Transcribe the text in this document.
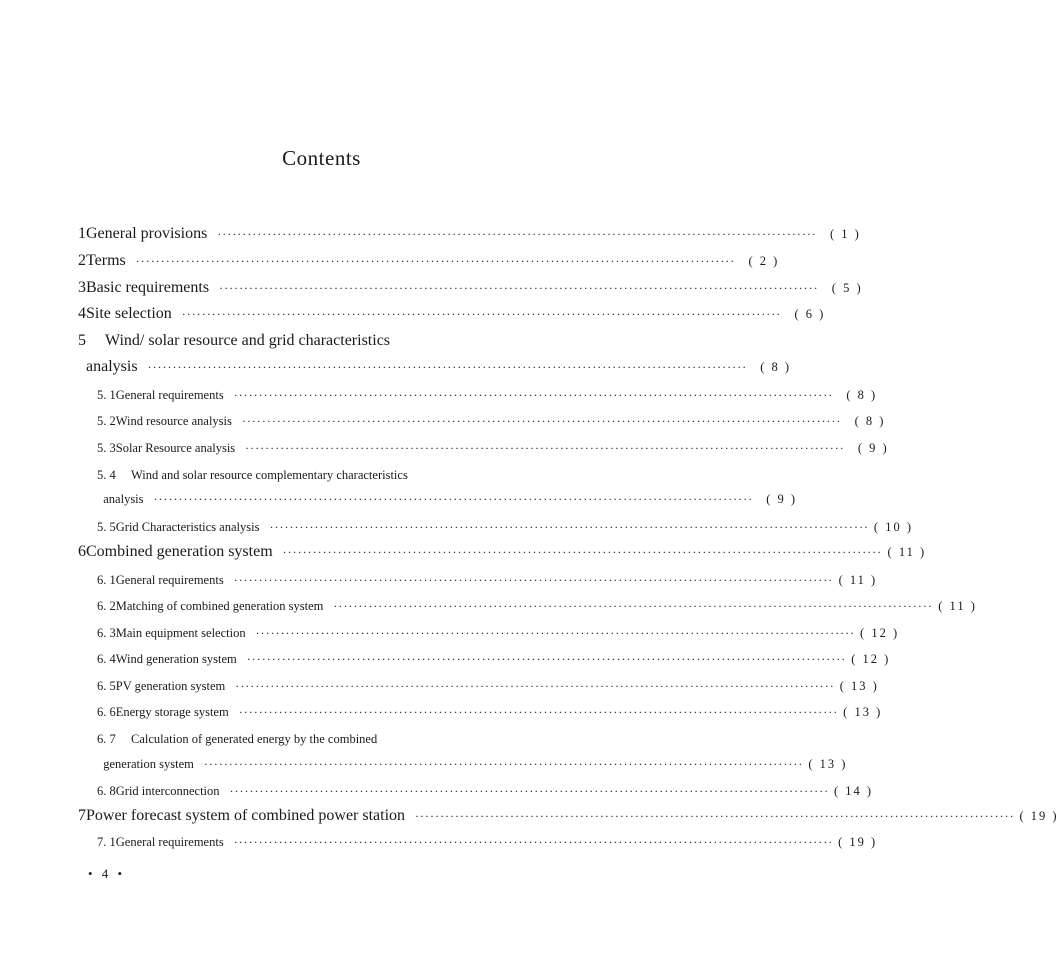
Contents
1 General provisions ························································································································	( 1 )
2 Terms ························································································································	( 2 )
3 Basic requirements ························································································································	( 5 )
4 Site selection ························································································································	( 6 )
5	Wind/ solar resource and grid characteristics
analysis ························································································································	( 8 )
5. 1 General requirements ························································································································	( 8 )
5. 2 Wind resource analysis ························································································································	( 8 )
5. 3 Solar Resource analysis ························································································································	( 9 )
5. 4	Wind and solar resource complementary characteristics
analysis ························································································································	( 9 )
5. 5 Grid Characteristics analysis ························································································································ ( 10 )
6 Combined generation system ························································································································ ( 11 )
6. 1 General requirements ························································································································ ( 11 )
6. 2 Matching of combined generation system ························································································································ ( 11 )
6. 3 Main equipment selection ························································································································ ( 12 )
6. 4 Wind generation system ························································································································ ( 12 )
6. 5 PV generation system ························································································································ ( 13 )
6. 6 Energy storage system ························································································································ ( 13 )
6. 7	Calculation of generated energy by the combined
generation system ························································································································ ( 13 )
6. 8 Grid interconnection ························································································································ ( 14 )
7 Power forecast system of combined power station ························································································································ ( 19 )
7. 1 General requirements ························································································································ ( 19 )
• 4 •
